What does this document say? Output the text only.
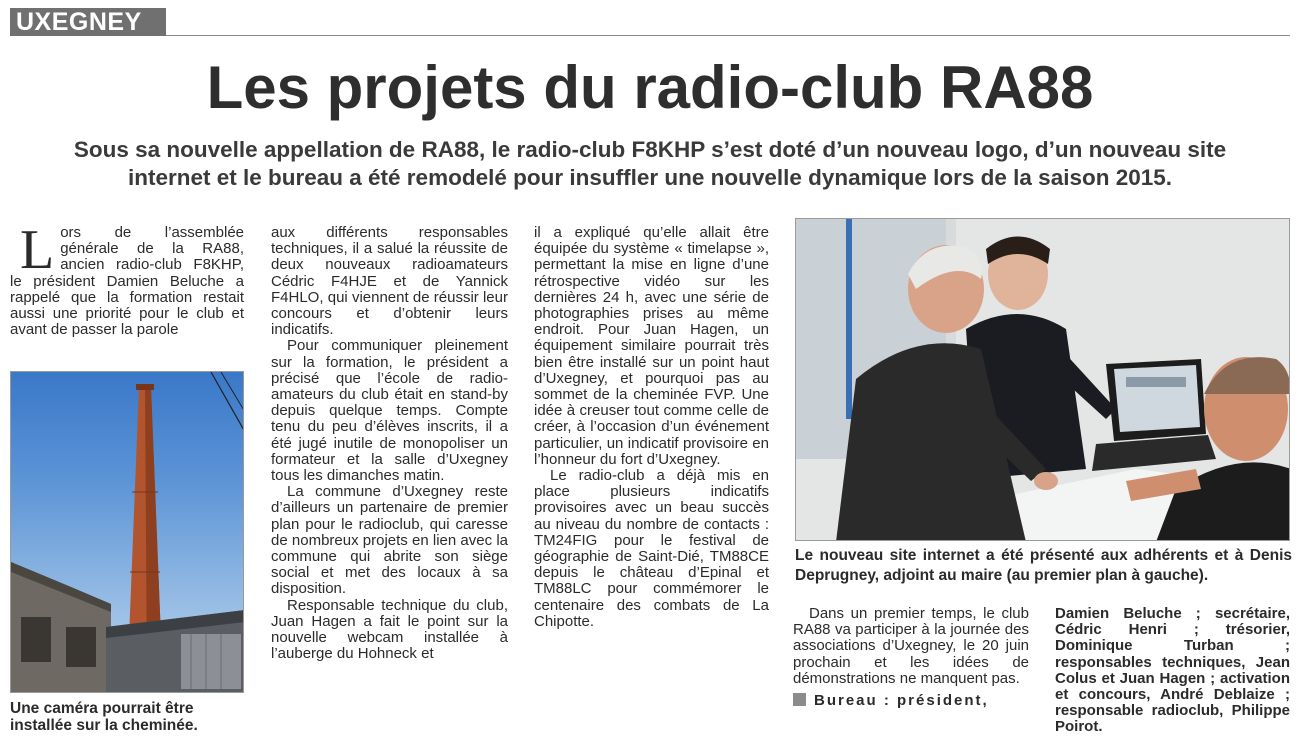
UXEGNEY
Les projets du radio-club RA88
Sous sa nouvelle appellation de RA88, le radio-club F8KHP s’est doté d’un nouveau logo, d’un nouveau site
internet et le bureau a été remodelé pour insuffler une nouvelle dynamique lors de la saison 2015.
L ors de l’assemblée générale de la RA88, ancien radio-club F8KHP, le président Damien Beluche a rappelé que la formation restait aussi une priorité pour le club et avant de passer la parole
Une caméra pourrait être installée sur la cheminée.

aux différents responsables techniques, il a salué la réussite de deux nouveaux radioamateurs Cédric F4HJE et de Yannick F4HLO, qui viennent de réussir leur concours et d’obtenir leurs indicatifs.

Pour communiquer pleinement sur la formation, le président a précisé que l’école de radio-amateurs du club était en stand-by depuis quelque temps. Compte tenu du peu d’élèves inscrits, il a été jugé inutile de monopoliser un formateur et la salle d’Uxegney tous les dimanches matin.

La commune d’Uxegney reste d’ailleurs un partenaire de premier plan pour le radioclub, qui caresse de nombreux projets en lien avec la commune qui abrite son siège social et met des locaux à sa disposition.

Responsable technique du club, Juan Hagen a fait le point sur la nouvelle webcam installée à l’auberge du Hohneck et

il a expliqué qu’elle allait être équipée du système « timelapse », permettant la mise en ligne d’une rétrospective vidéo sur les dernières 24 h, avec une série de photographies prises au même endroit. Pour Juan Hagen, un équipement similaire pourrait très bien être installé sur un point haut d’Uxegney, et pourquoi pas au sommet de la cheminée FVP. Une idée à creuser tout comme celle de créer, à l’occasion d’un événement particulier, un indicatif provisoire en l’honneur du fort d’Uxegney.

Le radio-club a déjà mis en place plusieurs indicatifs provisoires avec un beau succès au niveau du nombre de contacts : TM24FIG pour le festival de géographie de Saint-Dié, TM88CE depuis le château d’Epinal et TM88LC pour commémorer le centenaire des combats de La Chipotte.

Le nouveau site internet a été présenté aux adhérents et à Denis Deprugney, adjoint au maire (au premier plan à gauche).

Dans un premier temps, le club RA88 va participer à la journée des associations d’Uxegney, le 20 juin prochain et les idées de démonstrations ne manquent pas.

Bureau : président,

Damien Beluche ; secrétaire, Cédric Henri ; trésorier, Dominique Turban ; responsables techniques, Jean Colus et Juan Hagen ; activation et concours, André Deblaize ; responsable radioclub, Philippe Poirot.
